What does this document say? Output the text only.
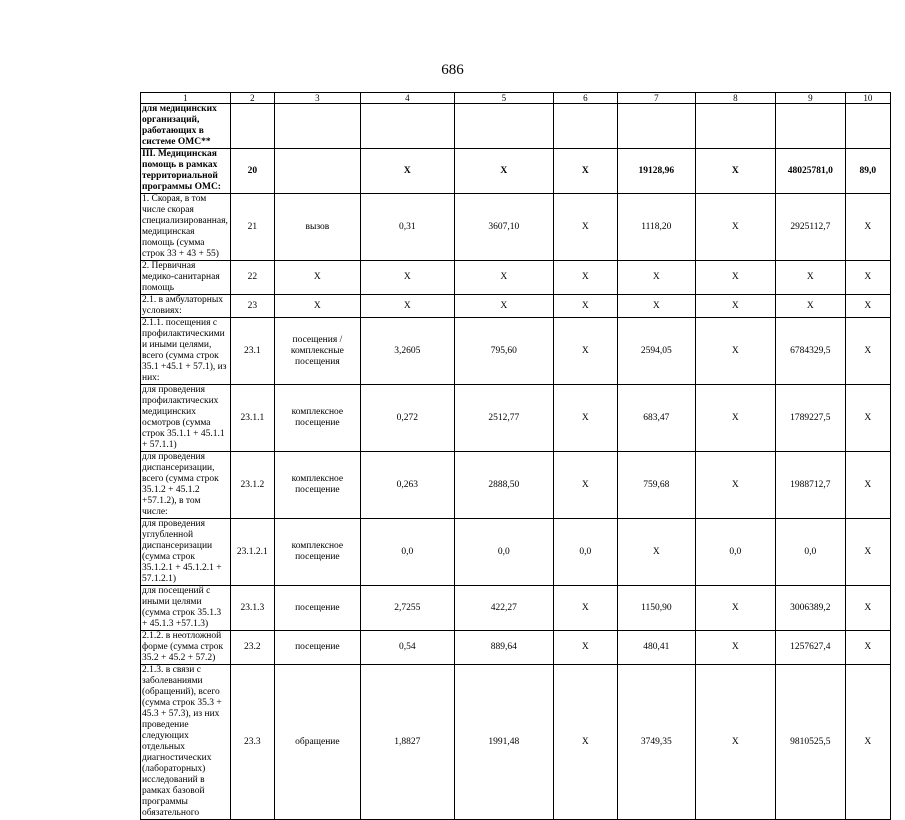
686
1	2	3	4	5	6	7	8	9	10
для медицинских организаций, работающих в системе ОМС**									
III. Медицинская помощь в рамках территориальной программы ОМС:	20		X	X	X	19128,96	X	48025781,0	89,0
1. Скорая, в том числе скорая специализированная, медицинская помощь (сумма строк 33 + 43 + 55)	21	вызов	0,31	3607,10	X	1118,20	X	2925112,7	X
2. Первичная медико-санитарная помощь	22	X	X	X	X	X	X	X	X
2.1. в амбулаторных условиях:	23	X	X	X	X	X	X	X	X
2.1.1. посещения с профилактическими и иными целями, всего (сумма строк 35.1 +45.1 + 57.1), из них:	23.1	посещения / комплексные посещения	3,2605	795,60	X	2594,05	X	6784329,5	X
для проведения профилактических медицинских осмотров (сумма строк 35.1.1 + 45.1.1 + 57.1.1)	23.1.1	комплексное посещение	0,272	2512,77	X	683,47	X	1789227,5	X
для проведения диспансеризации, всего (сумма строк 35.1.2 + 45.1.2 +57.1.2), в том числе:	23.1.2	комплексное посещение	0,263	2888,50	X	759,68	X	1988712,7	X
для проведения углубленной диспансеризации (сумма строк 35.1.2.1 + 45.1.2.1 + 57.1.2.1)	23.1.2.1	комплексное посещение	0,0	0,0	0,0	X	0,0	0,0	X
для посещений с иными целями (сумма строк 35.1.3 + 45.1.3 +57.1.3)	23.1.3	посещение	2,7255	422,27	X	1150,90	X	3006389,2	X
2.1.2. в неотложной форме (сумма строк 35.2 + 45.2 + 57.2)	23.2	посещение	0,54	889,64	X	480,41	X	1257627,4	X
2.1.3. в связи с заболеваниями (обращений), всего (сумма строк 35.3 + 45.3 + 57.3), из них проведение следующих отдельных диагностических (лабораторных) исследований в рамках базовой программы обязательного	23.3	обращение	1,8827	1991,48	X	3749,35	X	9810525,5	X
